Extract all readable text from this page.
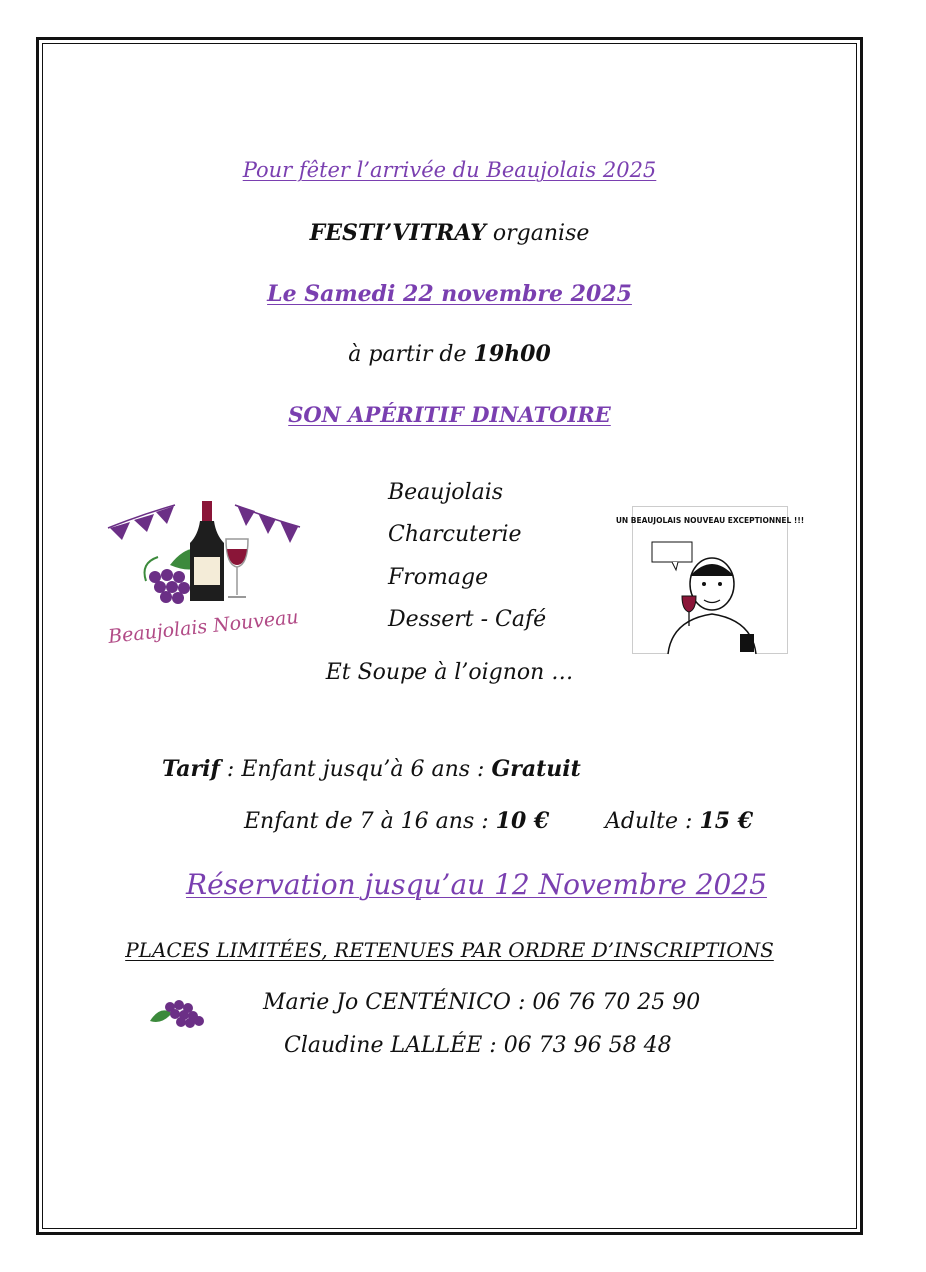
Pour fêter l’arrivée du Beaujolais 2025
FESTI’VITRAY organise
Le Samedi 22 novembre 2025
à partir de 19h00
SON APÉRITIF DINATOIRE
Beaujolais Nouveau
Beaujolais
Charcuterie
Fromage
Dessert - Café
UN BEAUJOLAIS NOUVEAU EXCEPTIONNEL !!!
Et Soupe à l’oignon …
Tarif : Enfant jusqu’à 6 ans : Gratuit
Enfant de 7 à 16 ans : 10 €	Adulte : 15 €
Réservation jusqu’au 12 Novembre 2025
PLACES LIMITÉES, RETENUES PAR ORDRE D’INSCRIPTIONS
Marie Jo CENTÉNICO : 06 76 70 25 90
Claudine LALLÉE : 06 73 96 58 48
